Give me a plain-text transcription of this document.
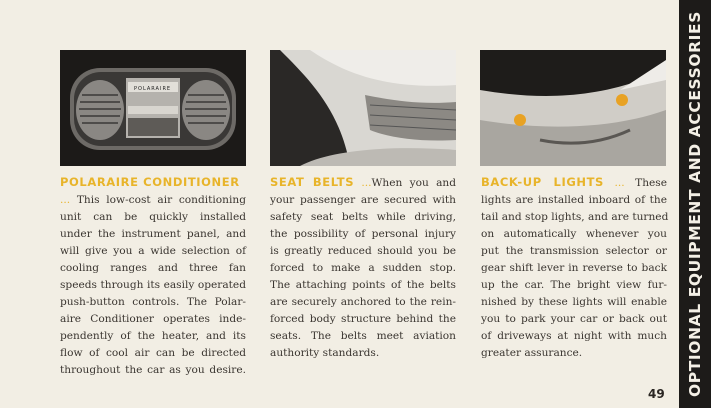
POLARAIRE
POLARAIRE CONDITIONER
... This low-cost air conditioning
unit can be quickly installed
under the instrument panel, and
will give you a wide selection of
cooling ranges and three fan
speeds through its easily operated
push-button controls. The Polar-
aire Conditioner operates inde-
pendently of the heater, and its
flow of cool air can be directed
throughout the car as you desire.
SEAT BELTS ...When you and
your passenger are secured with
safety seat belts while driving,
the possibility of personal injury
is greatly reduced should you be
forced to make a sudden stop.
The attaching points of the belts
are securely anchored to the rein-
forced body structure behind the
seats. The belts meet aviation
authority standards.
BACK-UP LIGHTS ... These
lights are installed inboard of the
tail and stop lights, and are turned
on automatically whenever you
put the transmission selector or
gear shift lever in reverse to back
up the car. The bright view fur-
nished by these lights will enable
you to park your car or back out
of driveways at night with much
greater assurance.	OPTIONAL EQUIPMENT AND ACCESSORIES
49
